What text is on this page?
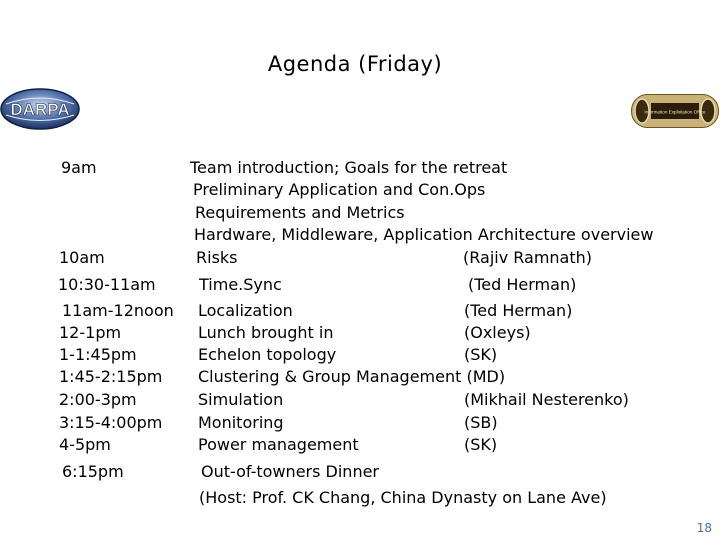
Agenda (Friday)
DARPA	Information Exploitation Office
9am	Team introduction; Goals for the retreat
Preliminary Application and Con.Ops
Requirements and Metrics
Hardware, Middleware, Application Architecture overview
10am	Risks	(Rajiv Ramnath)
10:30-11am	Time.Sync	(Ted Herman)
11am-12noon Localization	(Ted Herman)
12-1pm	Lunch brought in	(Oxleys)
1-1:45pm	Echelon topology	(SK)
1:45-2:15pm Clustering & Group Management (MD)
2:00-3pm	Simulation	(Mikhail Nesterenko)
3:15-4:00pm Monitoring	(SB)
4-5pm	Power management	(SK)
6:15pm	Out-of-towners Dinner
(Host: Prof. CK Chang, China Dynasty on Lane Ave)
18
